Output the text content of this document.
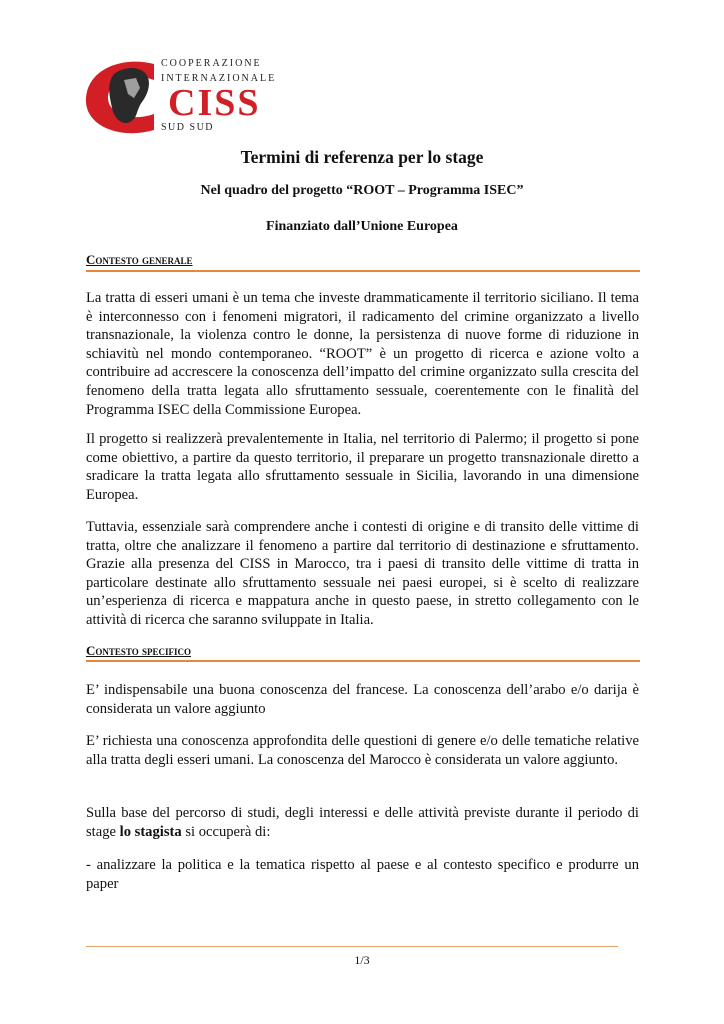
COOPERAZIONE
INTERNAZIONALE
CISS
SUD SUD
Termini di referenza per lo stage
Nel quadro del progetto “ROOT – Programma ISEC”
Finanziato dall’Unione Europea
Contesto generale
La tratta di esseri umani è un tema che investe drammaticamente il territorio siciliano. Il tema è interconnesso con i fenomeni migratori, il radicamento del crimine organizzato a livello transnazionale, la violenza contro le donne, la persistenza di nuove forme di riduzione in schiavitù nel mondo contemporaneo. “ROOT” è un progetto di ricerca e azione volto a contribuire ad accrescere la conoscenza dell’impatto del crimine organizzato sulla crescita del fenomeno della tratta legata allo sfruttamento sessuale, coerentemente con le finalità del Programma ISEC della Commissione Europea.
Il progetto si realizzerà prevalentemente in Italia, nel territorio di Palermo; il progetto si pone come obiettivo, a partire da questo territorio, il preparare un progetto transnazionale diretto a sradicare la tratta legata allo sfruttamento sessuale in Sicilia, lavorando in una dimensione Europea.
Tuttavia, essenziale sarà comprendere anche i contesti di origine e di transito delle vittime di tratta, oltre che analizzare il fenomeno a partire dal territorio di destinazione e sfruttamento. Grazie alla presenza del CISS in Marocco, tra i paesi di transito delle vittime di tratta in particolare destinate allo sfruttamento sessuale nei paesi europei, si è scelto di realizzare un’esperienza di ricerca e mappatura anche in questo paese, in stretto collegamento con le attività di ricerca che saranno sviluppate in Italia.
Contesto specifico
E’ indispensabile una buona conoscenza del francese. La conoscenza dell’arabo e/o darija è considerata un valore aggiunto
E’ richiesta una conoscenza approfondita delle questioni di genere e/o delle tematiche relative alla tratta degli esseri umani. La conoscenza del Marocco è considerata un valore aggiunto.
Sulla base del percorso di studi, degli interessi e delle attività previste durante il periodo di stage lo stagista si occuperà di:
- analizzare la politica e la tematica rispetto al paese e al contesto specifico e produrre un paper
1/3
